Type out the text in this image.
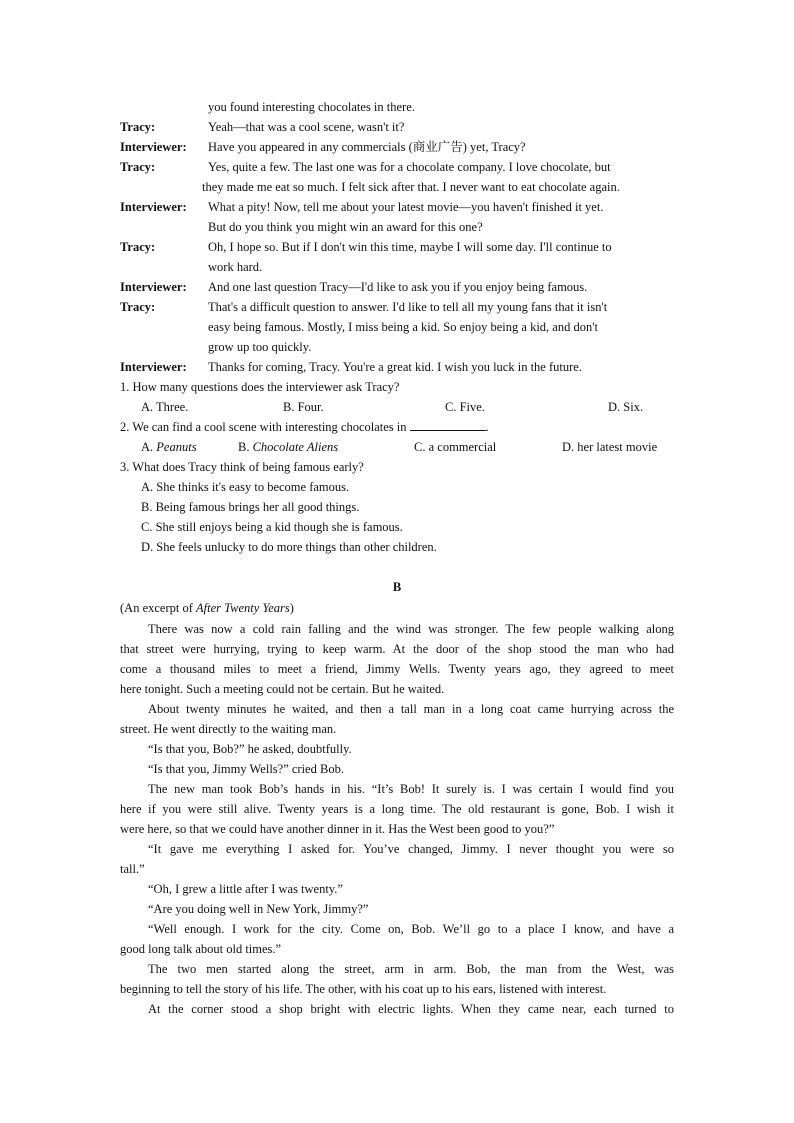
you found interesting chocolates in there.
Tracy:	Yeah—that was a cool scene, wasn't it?
Interviewer: Have you appeared in any commercials (商业广告) yet, Tracy?
Tracy:	Yes, quite a few. The last one was for a chocolate company. I love chocolate, but
they made me eat so much. I felt sick after that. I never want to eat chocolate again.
Interviewer: What a pity! Now, tell me about your latest movie—you haven't finished it yet.
But do you think you might win an award for this one?
Tracy:	Oh, I hope so. But if I don't win this time, maybe I will some day. I'll continue to
work hard.
Interviewer: And one last question Tracy—I'd like to ask you if you enjoy being famous.
Tracy:	That's a difficult question to answer. I'd like to tell all my young fans that it isn't
easy being famous. Mostly, I miss being a kid. So enjoy being a kid, and don't
grow up too quickly.
Interviewer: Thanks for coming, Tracy. You're a great kid. I wish you luck in the future.
1. How many questions does the interviewer ask Tracy?
A. Three.	B. Four.	C. Five.	D. Six.
2. We can find a cool scene with interesting chocolates in	.
A. Peanuts	B. Chocolate Aliens	C. a commercial	D. her latest movie
3. What does Tracy think of being famous early?
A. She thinks it's easy to become famous.
B. Being famous brings her all good things.
C. She still enjoys being a kid though she is famous.
D. She feels unlucky to do more things than other children.
B
(An excerpt of After Twenty Years)
There was now a cold rain falling and the wind was stronger. The few people walking along
that street were hurrying, trying to keep warm. At the door of the shop stood the man who had
come a thousand miles to meet a friend, Jimmy Wells. Twenty years ago, they agreed to meet
here tonight. Such a meeting could not be certain. But he waited.
About twenty minutes he waited, and then a tall man in a long coat came hurrying across the
street. He went directly to the waiting man.
“Is that you, Bob?” he asked, doubtfully.
“Is that you, Jimmy Wells?” cried Bob.
The new man took Bob’s hands in his. “It’s Bob! It surely is. I was certain I would find you
here if you were still alive. Twenty years is a long time. The old restaurant is gone, Bob. I wish it
were here, so that we could have another dinner in it. Has the West been good to you?”
“It gave me everything I asked for. You’ve changed, Jimmy. I never thought you were so
tall.”
“Oh, I grew a little after I was twenty.”
“Are you doing well in New York, Jimmy?”
“Well enough. I work for the city. Come on, Bob. We’ll go to a place I know, and have a
good long talk about old times.”
The two men started along the street, arm in arm. Bob, the man from the West, was
beginning to tell the story of his life. The other, with his coat up to his ears, listened with interest.
At the corner stood a shop bright with electric lights. When they came near, each turned to
